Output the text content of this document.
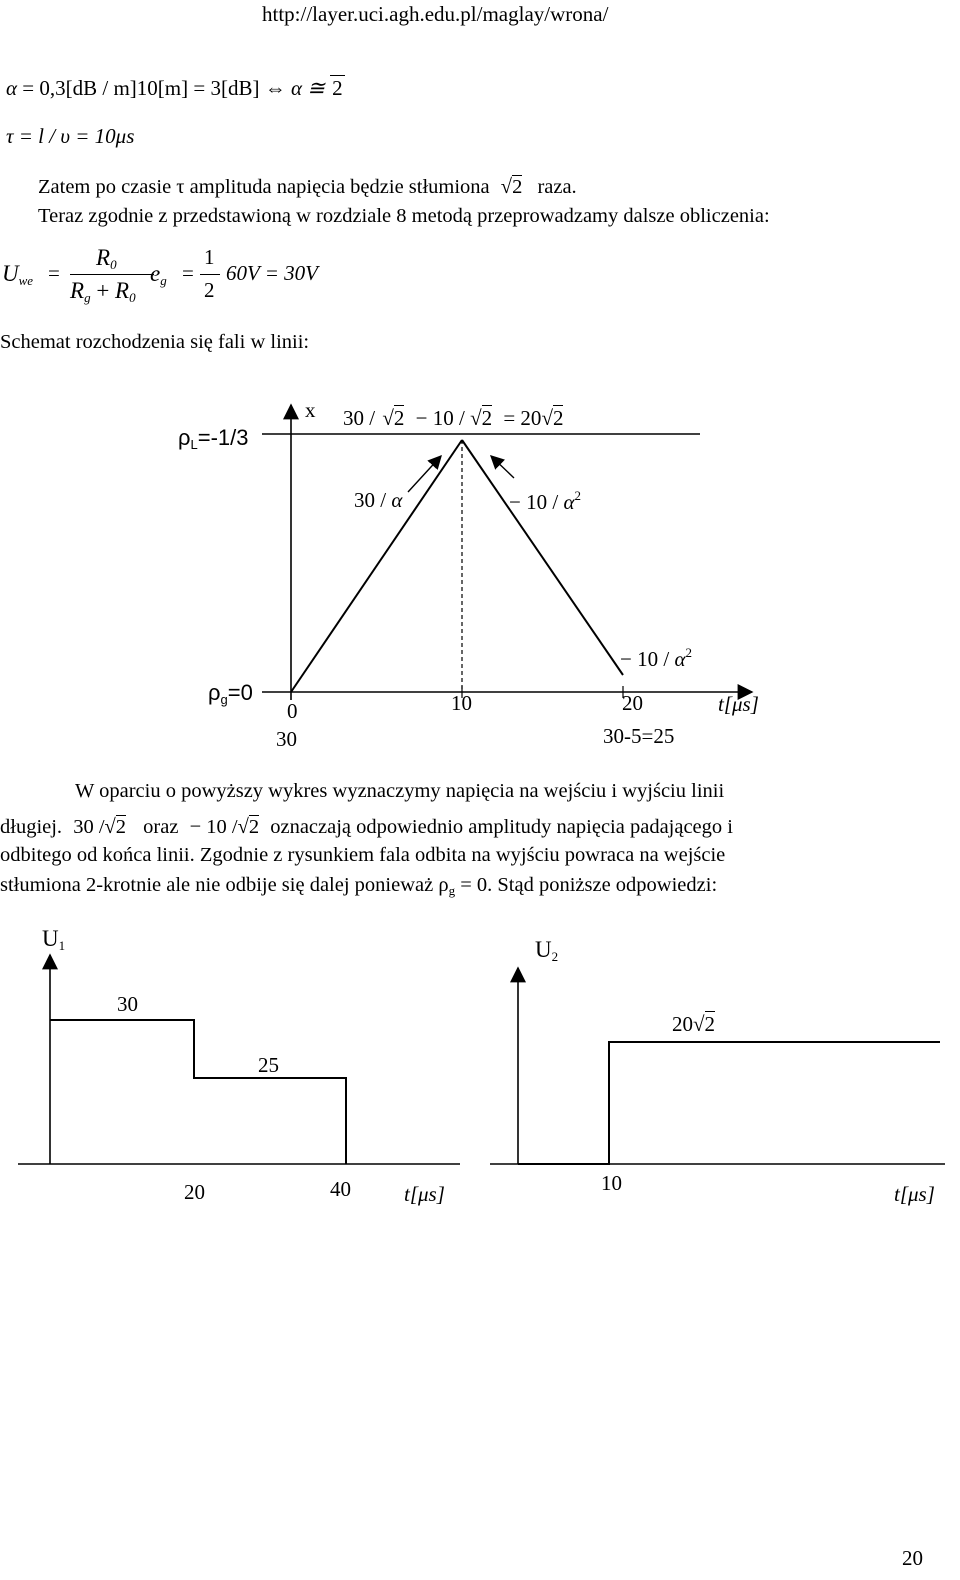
http://layer.uci.agh.edu.pl/maglay/wrona/
α = 0,3[dB / m]10[m] = 3[dB] ⇔ α ≅ 2
τ = l / υ = 10μs
Zatem po czasie τ amplituda napięcia będzie stłumiona √2 raza.
Teraz zgodnie z przedstawioną w rozdziale 8 metodą przeprowadzamy dalsze obliczenia:
$U_{we}$ =
$R_0$
$R_g + R_0$
$e_g$ =
1
2
60V = 30V
Schemat rozchodzenia się fali w linii:
$\rho_L=-1/3$
x 30 / √2 − 10 / √2 = 20√2
30 / α	− $10 / \alpha^2$
− $10 / \alpha^2$
$\rho_g=0$
0
30
10	20
30-5=25
t[μs]
W oparciu o powyższy wykres wyznaczymy napięcia na wejściu i wyjściu linii
długiej. 30 /√2 oraz − 10 /√2 oznaczają odpowiednio amplitudy napięcia padającego i
odbitego od końca linii. Zgodnie z rysunkiem fala odbita na wyjściu powraca na wejście
stłumiona 2-krotnie ale nie odbije się dalej ponieważ $\rho_g = 0$. Stąd poniższe odpowiedzi:
$U_1$
30
25
20	40	t[μs]
$U_2$
20√2
10	t[μs]
20
